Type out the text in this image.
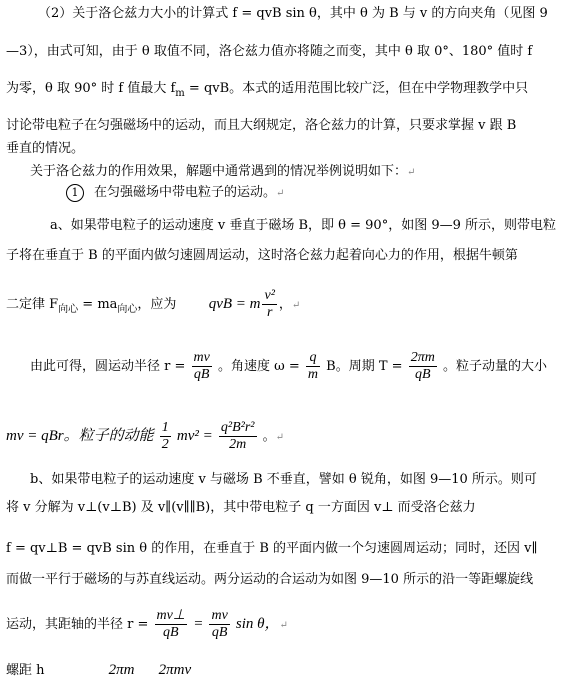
（2）关于洛仑兹力大小的计算式 f = qvB sin θ，其中 θ 为 B 与 v 的方向夹角（见图 9
—3），由式可知，由于 θ 取值不同，洛仑兹力值亦将随之而变，其中 θ 取 0°、180° 值时 f
为零，θ 取 90° 时 f 值最大 $f_m$ = qvB。本式的适用范围比较广泛，但在中学物理教学中只
讨论带电粒子在匀强磁场中的运动，而且大纲规定，洛仑兹力的计算，只要求掌握 v 跟 B
垂直的情况。
关于洛仑兹力的作用效果，解题中通常遇到的情况举例说明如下：↵
1 在匀强磁场中带电粒子的运动。↵
a、如果带电粒子的运动速度 v 垂直于磁场 B，即 θ = 90°，如图 9—9 所示，则带电粒
子将在垂直于 B 的平面内做匀速圆周运动，这时洛仑兹力起着向心力的作用，根据牛顿第
二定律 $F_{向心} = ma_{向心}$，应为 qvB = m $\frac{\text{v²}}{r}$ ，↵
由此可得，圆运动半径 $r = \frac{mv}{qB}$ 。角速度 $\omega = \frac{q}{m}$ B。周期 $T = \frac{2\pi m}{qB}$ 。粒子动量的大小
mv = qBr。粒子的动能 $\frac{1}{2} mv^2 = \frac{\text{q²B²r²}}{2m}$ 。↵
b、如果带电粒子的运动速度 v 与磁场 B 不垂直，譬如 θ 锐角，如图 9—10 所示。则可
将 v 分解为 v⊥(v⊥B) 及 v∥(v∥∥B)，其中带电粒子 q 一方面因 v⊥ 而受洛仑兹力
f = qv⊥B = qvB sin θ 的作用，在垂直于 B 的平面内做一个匀速圆周运动；同时，还因 v∥
而做一平行于磁场的与苏直线运动。两分运动的合运动为如图 9—10 所示的沿一等距螺旋线
运动，其距轴的半径 $r = \frac{mv\perp}{qB} = \frac{mv}{qB}$ sin θ，↵
螺距 h	2πm 2πmv
